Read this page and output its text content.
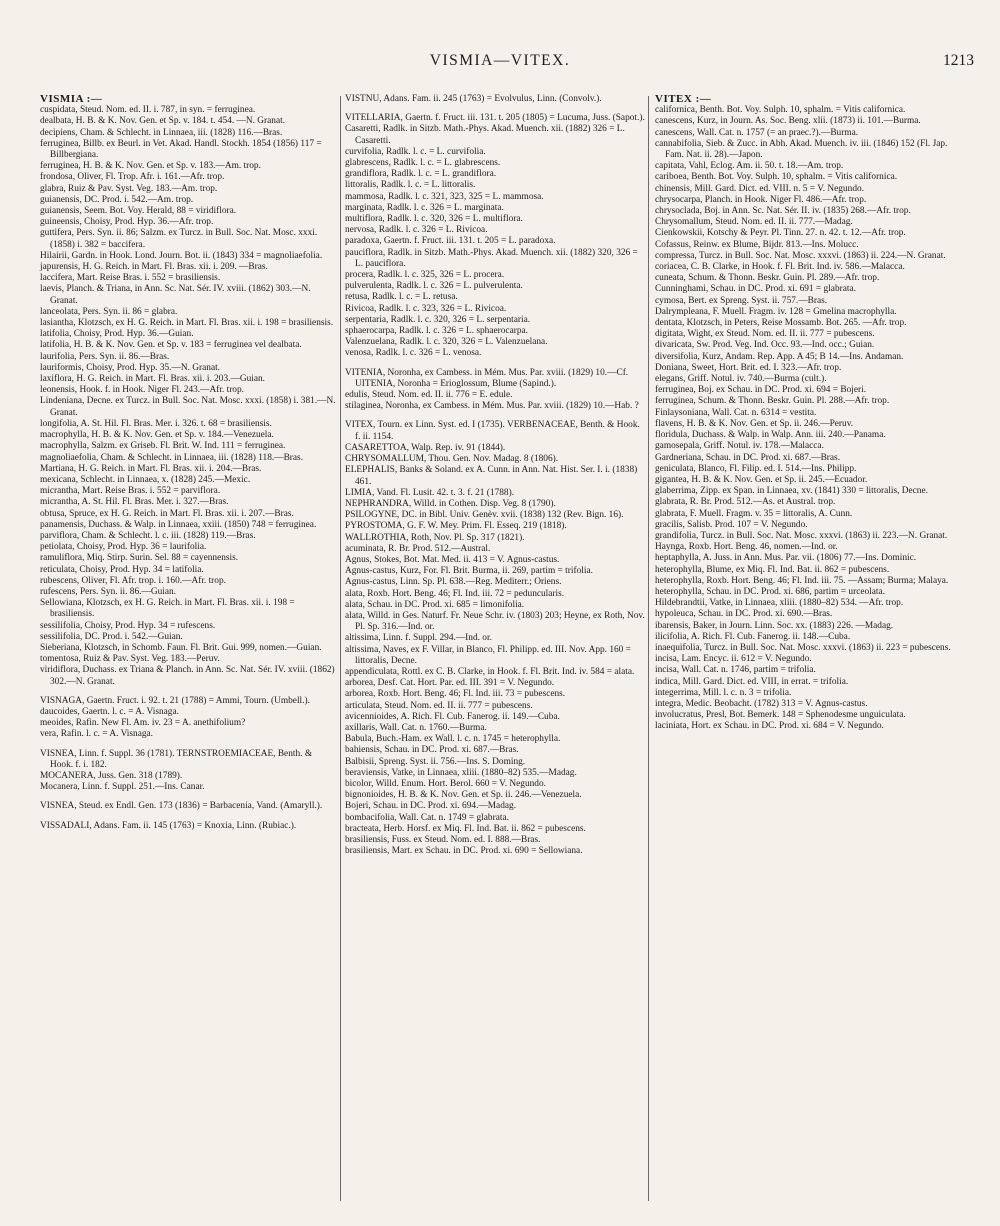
VISMIA—VITEX.	1213
VISMIA :—
cuspidata, Steud. Nom. ed. II. i. 787, in syn. = ferruginea.
dealbata, H. B. & K. Nov. Gen. et Sp. v. 184. t. 454. —N. Granat.
decipiens, Cham. & Schlecht. in Linnaea, iii. (1828) 116.—Bras.
ferruginea, Billb. ex Beurl. in Vet. Akad. Handl. Stockh. 1854 (1856) 117 = Billbergiana.
ferruginea, H. B. & K. Nov. Gen. et Sp. v. 183.—Am. trop.
frondosa, Oliver, Fl. Trop. Afr. i. 161.—Afr. trop.
glabra, Ruiz & Pav. Syst. Veg. 183.—Am. trop.
guianensis, DC. Prod. i. 542.—Am. trop.
guianensis, Seem. Bot. Voy. Herald, 88 = viridiflora.
guineensis, Choisy, Prod. Hyp. 36.—Afr. trop.
guttifera, Pers. Syn. ii. 86; Salzm. ex Turcz. in Bull. Soc. Nat. Mosc. xxxi. (1858) i. 382 = baccifera.
Hilairii, Gardn. in Hook. Lond. Journ. Bot. ii. (1843) 334 = magnoliaefolia.
japurensis, H. G. Reich. in Mart. Fl. Bras. xii. i. 209. —Bras.
laccifera, Mart. Reise Bras. i. 552 = brasiliensis.
laevis, Planch. & Triana, in Ann. Sc. Nat. Sér. IV. xviii. (1862) 303.—N. Granat.
lanceolata, Pers. Syn. ii. 86 = glabra.
lasiantha, Klotzsch, ex H. G. Reich. in Mart. Fl. Bras. xii. i. 198 = brasiliensis.
latifolia, Choisy, Prod. Hyp. 36.—Guian.
latifolia, H. B. & K. Nov. Gen. et Sp. v. 183 = ferruginea vel dealbata.
laurifolia, Pers. Syn. ii. 86.—Bras.
lauriformis, Choisy, Prod. Hyp. 35.—N. Granat.
laxiflora, H. G. Reich. in Mart. Fl. Bras. xii. i. 203.—Guian.
leonensis, Hook. f. in Hook. Niger Fl. 243.—Afr. trop.
Lindeniana, Decne. ex Turcz. in Bull. Soc. Nat. Mosc. xxxi. (1858) i. 381.—N. Granat.
longifolia, A. St. Hil. Fl. Bras. Mer. i. 326. t. 68 = brasiliensis.
macrophylla, H. B. & K. Nov. Gen. et Sp. v. 184.—Venezuela.
macrophylla, Salzm. ex Griseb. Fl. Brit. W. Ind. 111 = ferruginea.
magnoliaefolia, Cham. & Schlecht. in Linnaea, iii. (1828) 118.—Bras.
Martiana, H. G. Reich. in Mart. Fl. Bras. xii. i. 204.—Bras.
mexicana, Schlecht. in Linnaea, x. (1828) 245.—Mexic.
micrantha, Mart. Reise Bras. i. 552 = parviflora.
micrantha, A. St. Hil. Fl. Bras. Mer. i. 327.—Bras.
obtusa, Spruce, ex H. G. Reich. in Mart. Fl. Bras. xii. i. 207.—Bras.
panamensis, Duchass. & Walp. in Linnaea, xxiii. (1850) 748 = ferruginea.
parviflora, Cham. & Schlecht. l. c. iii. (1828) 119.—Bras.
petiolata, Choisy, Prod. Hyp. 36 = laurifolia.
ramuliflora, Miq. Stirp. Surin. Sel. 88 = cayennensis.
reticulata, Choisy, Prod. Hyp. 34 = latifolia.
rubescens, Oliver, Fl. Afr. trop. i. 160.—Afr. trop.
rufescens, Pers. Syn. ii. 86.—Guian.
Sellowiana, Klotzsch, ex H. G. Reich. in Mart. Fl. Bras. xii. i. 198 = brasiliensis.
sessilifolia, Choisy, Prod. Hyp. 34 = rufescens.
sessilifolia, DC. Prod. i. 542.—Guian.
Sieberiana, Klotzsch, in Schomb. Faun. Fl. Brit. Gui. 999, nomen.—Guian.
tomentosa, Ruiz & Pav. Syst. Veg. 183.—Peruv.
viridiflora, Duchass. ex Triana & Planch. in Ann. Sc. Nat. Sér. IV. xviii. (1862) 302.—N. Granat.
VISNAGA, Gaertn. Fruct. i. 92. t. 21 (1788) = Ammi, Tourn. (Umbell.).
daucoides, Gaertn. l. c. = A. Visnaga.
meoides, Rafin. New Fl. Am. iv. 23 = A. anethifolium?
vera, Rafin. l. c. = A. Visnaga.
VISNEA, Linn. f. Suppl. 36 (1781). TERNSTROEMIACEAE, Benth. & Hook. f. i. 182.
MOCANERA, Juss. Gen. 318 (1789).
Mocanera, Linn. f. Suppl. 251.—Ins. Canar.
VISNEA, Steud. ex Endl. Gen. 173 (1836) = Barbacenia, Vand. (Amaryll.).
VISSADALI, Adans. Fam. ii. 145 (1763) = Knoxia, Linn. (Rubiac.).
VISTNU, Adans. Fam. ii. 245 (1763) = Evolvulus, Linn. (Convolv.).
VITELLARIA, Gaertn. f. Fruct. iii. 131. t. 205 (1805) = Lucuma, Juss. (Sapot.).
Casaretti, Radlk. in Sitzb. Math.-Phys. Akad. Muench. xii. (1882) 326 = L. Casaretti.
curvifolia, Radlk. l. c. = L. curvifolia.
glabrescens, Radlk. l. c. = L. glabrescens.
grandiflora, Radlk. l. c. = L. grandiflora.
littoralis, Radlk. l. c. = L. littoralis.
mammosa, Radlk. l. c. 321, 323, 325 = L. mammosa.
marginata, Radlk. l. c. 326 = L. marginata.
multiflora, Radlk. l. c. 320, 326 = L. multiflora.
nervosa, Radlk. l. c. 326 = L. Rivicoa.
paradoxa, Gaertn. f. Fruct. iii. 131. t. 205 = L. paradoxa.
pauciflora, Radlk. in Sitzb. Math.-Phys. Akad. Muench. xii. (1882) 320, 326 = L. pauciflora.
procera, Radlk. l. c. 325, 326 = L. procera.
pulverulenta, Radlk. l. c. 326 = L. pulverulenta.
retusa, Radlk. l. c. = L. retusa.
Rivicoa, Radlk. l. c. 323, 326 = L. Rivicoa.
serpentaria, Radlk. l. c. 320, 326 = L. serpentaria.
sphaerocarpa, Radlk. l. c. 326 = L. sphaerocarpa.
Valenzuelana, Radlk. l. c. 320, 326 = L. Valenzuelana.
venosa, Radlk. l. c. 326 = L. venosa.
VITENIA, Noronha, ex Cambess. in Mém. Mus. Par. xviii. (1829) 10.—Cf. UITENIA, Noronha = Erioglossum, Blume (Sapind.).
edulis, Steud. Nom. ed. II. ii. 776 = E. edule.
stilaginea, Noronha, ex Cambess. in Mém. Mus. Par. xviii. (1829) 10.—Hab. ?
VITEX, Tourn. ex Linn. Syst. ed. I (1735). VERBENACEAE, Benth. & Hook. f. ii. 1154.
CASARETTOA, Walp. Rep. iv. 91 (1844).
CHRYSOMALLUM, Thou. Gen. Nov. Madag. 8 (1806).
ELEPHALIS, Banks & Soland. ex A. Cunn. in Ann. Nat. Hist. Ser. I. i. (1838) 461.
LIMIA, Vand. Fl. Lusit. 42. t. 3. f. 21 (1788).
NEPHRANDRA, Willd. in Cothen. Disp. Veg. 8 (1790).
PSILOGYNE, DC. in Bibl. Univ. Genèv. xvii. (1838) 132 (Rev. Bign. 16).
PYROSTOMA, G. F. W. Mey. Prim. Fl. Esseq. 219 (1818).
WALLROTHIA, Roth, Nov. Pl. Sp. 317 (1821).
acuminata, R. Br. Prod. 512.—Austral.
Agnus, Stokes, Bot. Mat. Med. ii. 413 = V. Agnus-castus.
Agnus-castus, Kurz, For. Fl. Brit. Burma, ii. 269, partim = trifolia.
Agnus-castus, Linn. Sp. Pl. 638.—Reg. Mediterr.; Oriens.
alata, Roxb. Hort. Beng. 46; Fl. Ind. iii. 72 = peduncularis.
alata, Schau. in DC. Prod. xi. 685 = limonifolia.
alata, Willd. in Ges. Naturf. Fr. Neue Schr. iv. (1803) 203; Heyne, ex Roth, Nov. Pl. Sp. 316.—Ind. or.
altissima, Linn. f. Suppl. 294.—Ind. or.
altissima, Naves, ex F. Villar, in Blanco, Fl. Philipp. ed. III. Nov. App. 160 = littoralis, Decne.
appendiculata, Rottl. ex C. B. Clarke, in Hook. f. Fl. Brit. Ind. iv. 584 = alata.
arborea, Desf. Cat. Hort. Par. ed. III. 391 = V. Negundo.
arborea, Roxb. Hort. Beng. 46; Fl. Ind. iii. 73 = pubescens.
articulata, Steud. Nom. ed. II. ii. 777 = pubescens.
avicennioides, A. Rich. Fl. Cub. Fanerog. ii. 149.—Cuba.
axillaris, Wall. Cat. n. 1760.—Burma.
Babula, Buch.-Ham. ex Wall. l. c. n. 1745 = heterophylla.
bahiensis, Schau. in DC. Prod. xi. 687.—Bras.
Balbisii, Spreng. Syst. ii. 756.—Ins. S. Doming.
beraviensis, Vatke, in Linnaea, xliii. (1880–82) 535.—Madag.
bicolor, Willd. Enum. Hort. Berol. 660 = V. Negundo.
bignonioides, H. B. & K. Nov. Gen. et Sp. ii. 246.—Venezuela.
Bojeri, Schau. in DC. Prod. xi. 694.—Madag.
bombacifolia, Wall. Cat. n. 1749 = glabrata.
bracteata, Herb. Horsf. ex Miq. Fl. Ind. Bat. ii. 862 = pubescens.
brasiliensis, Fuss. ex Steud. Nom. ed. I. 888.—Bras.
brasiliensis, Mart. ex Schau. in DC. Prod. xi. 690 = Sellowiana.
VITEX :—
californica, Benth. Bot. Voy. Sulph. 10, sphalm. = Vitis californica.
canescens, Kurz, in Journ. As. Soc. Beng. xlii. (1873) ii. 101.—Burma.
canescens, Wall. Cat. n. 1757 (= an praec.?).—Burma.
cannabifolia, Sieb. & Zucc. in Abh. Akad. Muench. iv. iii. (1846) 152 (Fl. Jap. Fam. Nat. ii. 28).—Japon.
capitata, Vahl, Eclog. Am. ii. 50. t. 18.—Am. trop.
cariboea, Benth. Bot. Voy. Sulph. 10, sphalm. = Vitis californica.
chinensis, Mill. Gard. Dict. ed. VIII. n. 5 = V. Negundo.
chrysocarpa, Planch. in Hook. Niger Fl. 486.—Afr. trop.
chrysoclada, Boj. in Ann. Sc. Nat. Sér. II. iv. (1835) 268.—Afr. trop.
Chrysomallum, Steud. Nom. ed. II. ii. 777.—Madag.
Cienkowskii, Kotschy & Peyr. Pl. Tinn. 27. n. 42. t. 12.—Afr. trop.
Cofassus, Reinw. ex Blume, Bijdr. 813.—Ins. Molucc.
compressa, Turcz. in Bull. Soc. Nat. Mosc. xxxvi. (1863) ii. 224.—N. Granat.
coriacea, C. B. Clarke, in Hook. f. Fl. Brit. Ind. iv. 586.—Malacca.
cuneata, Schum. & Thonn. Beskr. Guin. Pl. 289.—Afr. trop.
Cunninghami, Schau. in DC. Prod. xi. 691 = glabrata.
cymosa, Bert. ex Spreng. Syst. ii. 757.—Bras.
Dalrympleana, F. Muell. Fragm. iv. 128 = Gmelina macrophylla.
dentata, Klotzsch, in Peters, Reise Mossamb. Bot. 265. —Afr. trop.
digitata, Wight, ex Steud. Nom. ed. II. ii. 777 = pubescens.
divaricata, Sw. Prod. Veg. Ind. Occ. 93.—Ind. occ.; Guian.
diversifolia, Kurz, Andam. Rep. App. A 45; B 14.—Ins. Andaman.
Doniana, Sweet, Hort. Brit. ed. I. 323.—Afr. trop.
elegans, Griff. Notul. iv. 740.—Burma (cult.).
ferruginea, Boj. ex Schau. in DC. Prod. xi. 694 = Bojeri.
ferruginea, Schum. & Thonn. Beskr. Guin. Pl. 288.—Afr. trop.
Finlaysoniana, Wall. Cat. n. 6314 = vestita.
flavens, H. B. & K. Nov. Gen. et Sp. ii. 246.—Peruv.
floridula, Duchass. & Walp. in Walp. Ann. iii. 240.—Panama.
gamosepala, Griff. Notul. iv. 178.—Malacca.
Gardneriana, Schau. in DC. Prod. xi. 687.—Bras.
geniculata, Blanco, Fl. Filip. ed. I. 514.—Ins. Philipp.
gigantea, H. B. & K. Nov. Gen. et Sp. ii. 245.—Ecuador.
glaberrima, Zipp. ex Span. in Linnaea, xv. (1841) 330 = littoralis, Decne.
glabrata, R. Br. Prod. 512.—As. et Austral. trop.
glabrata, F. Muell. Fragm. v. 35 = littoralis, A. Cunn.
gracilis, Salisb. Prod. 107 = V. Negundo.
grandifolia, Turcz. in Bull. Soc. Nat. Mosc. xxxvi. (1863) ii. 223.—N. Granat.
Haynga, Roxb. Hort. Beng. 46, nomen.—Ind. or.
heptaphylla, A. Juss. in Ann. Mus. Par. vii. (1806) 77.—Ins. Dominic.
heterophylla, Blume, ex Miq. Fl. Ind. Bat. ii. 862 = pubescens.
heterophylla, Roxb. Hort. Beng. 46; Fl. Ind. iii. 75. —Assam; Burma; Malaya.
heterophylla, Schau. in DC. Prod. xi. 686, partim = urceolata.
Hildebrandtii, Vatke, in Linnaea, xliii. (1880–82) 534. —Afr. trop.
hypoleuca, Schau. in DC. Prod. xi. 690.—Bras.
ibarensis, Baker, in Journ. Linn. Soc. xx. (1883) 226. —Madag.
ilicifolia, A. Rich. Fl. Cub. Fanerog. ii. 148.—Cuba.
inaequifolia, Turcz. in Bull. Soc. Nat. Mosc. xxxvi. (1863) ii. 223 = pubescens.
incisa, Lam. Encyc. ii. 612 = V. Negundo.
incisa, Wall. Cat. n. 1746, partim = trifolia.
indica, Mill. Gard. Dict. ed. VIII, in errat. = trifolia.
integerrima, Mill. l. c. n. 3 = trifolia.
integra, Medic. Beobacht. (1782) 313 = V. Agnus-castus.
involucratus, Presl, Bot. Bemerk. 148 = Sphenodesme unguiculata.
laciniata, Hort. ex Schau. in DC. Prod. xi. 684 = V. Negundo.
